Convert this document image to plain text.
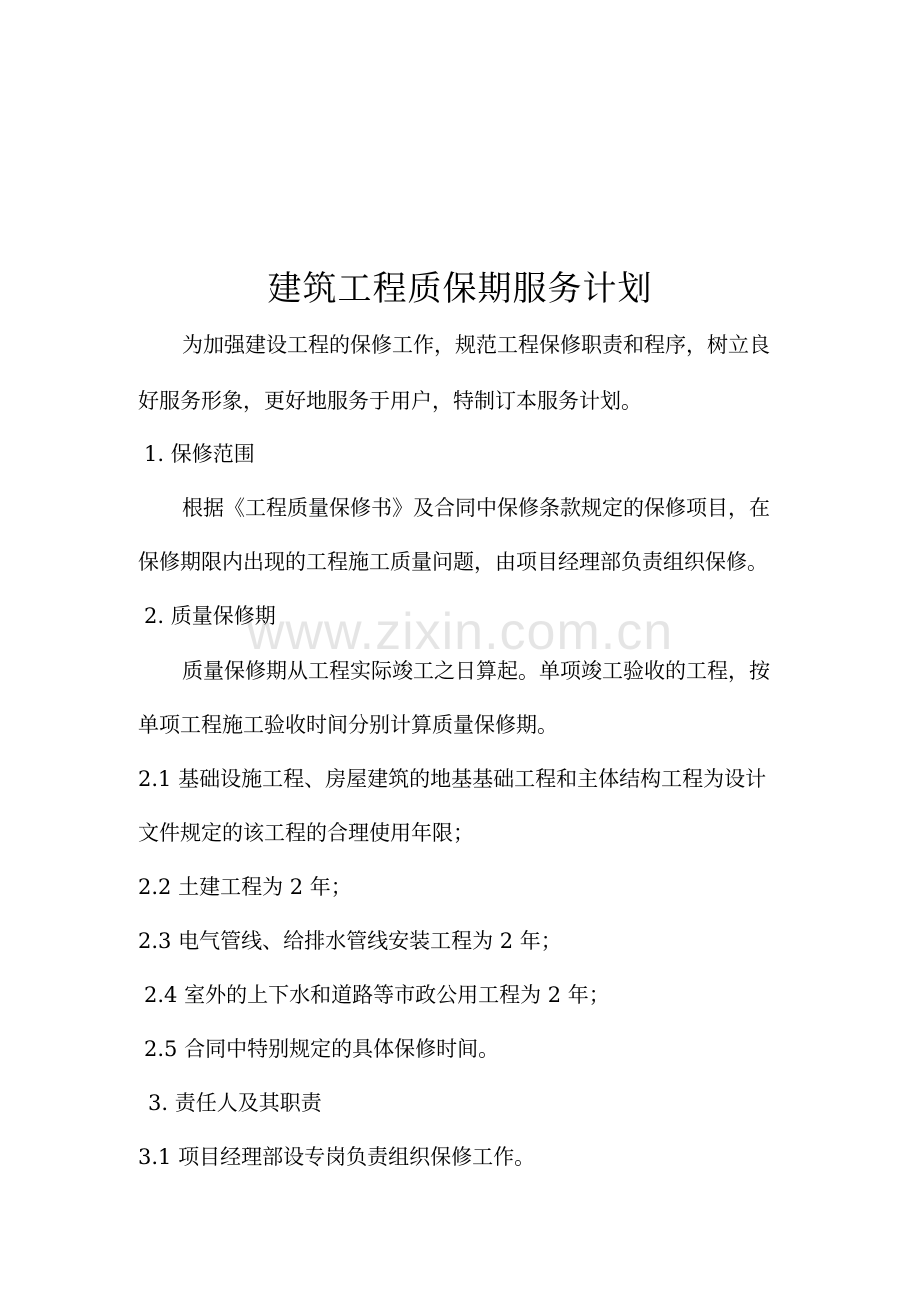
建筑工程质保期服务计划
为加强建设工程的保修工作，规范工程保修职责和程序，树立良
好服务形象，更好地服务于用户，特制订本服务计划。
1. 保修范围
根据《工程质量保修书》及合同中保修条款规定的保修项目，在
保修期限内出现的工程施工质量问题，由项目经理部负责组织保修。
2. 质量保修期
质量保修期从工程实际竣工之日算起。单项竣工验收的工程，按
单项工程施工验收时间分别计算质量保修期。
2.1 基础设施工程、房屋建筑的地基基础工程和主体结构工程为设计
文件规定的该工程的合理使用年限；
2.2 土建工程为 2 年；
2.3 电气管线、给排水管线安装工程为 2 年；
2.4 室外的上下水和道路等市政公用工程为 2 年；
2.5 合同中特别规定的具体保修时间。
3. 责任人及其职责
3.1 项目经理部设专岗负责组织保修工作。
www.zixin.com.cn
